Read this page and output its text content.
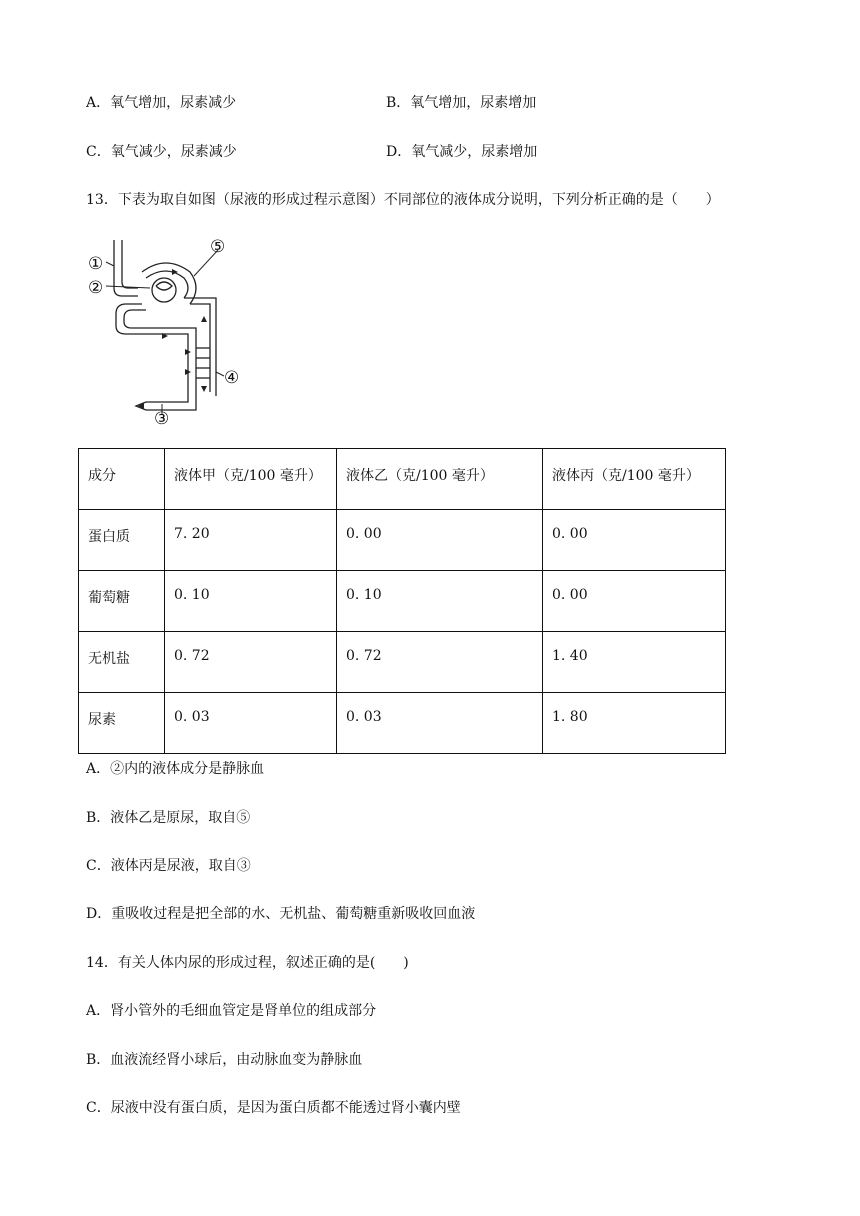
A．氧气增加，尿素减少	B．氧气增加，尿素增加
C．氧气减少，尿素减少	D．氧气减少，尿素增加
13．下表为取自如图（尿液的形成过程示意图）不同部位的液体成分说明，下列分析正确的是（　　）
①
②
③
④
⑤
成分	液体甲（克/100 毫升）	液体乙（克/100 毫升）	液体丙（克/100 毫升）
蛋白质	7. 20	0. 00	0. 00
葡萄糖	0. 10	0. 10	0. 00
无机盐	0. 72	0. 72	1. 40
尿素	0. 03	0. 03	1. 80
A．②内的液体成分是静脉血
B．液体乙是原尿，取自⑤
C．液体丙是尿液，取自③
D．重吸收过程是把全部的水、无机盐、葡萄糖重新吸收回血液
14．有关人体内尿的形成过程，叙述正确的是(　　)
A．肾小管外的毛细血管定是肾单位的组成部分
B．血液流经肾小球后，由动脉血变为静脉血
C．尿液中没有蛋白质，是因为蛋白质都不能透过肾小囊内壁
